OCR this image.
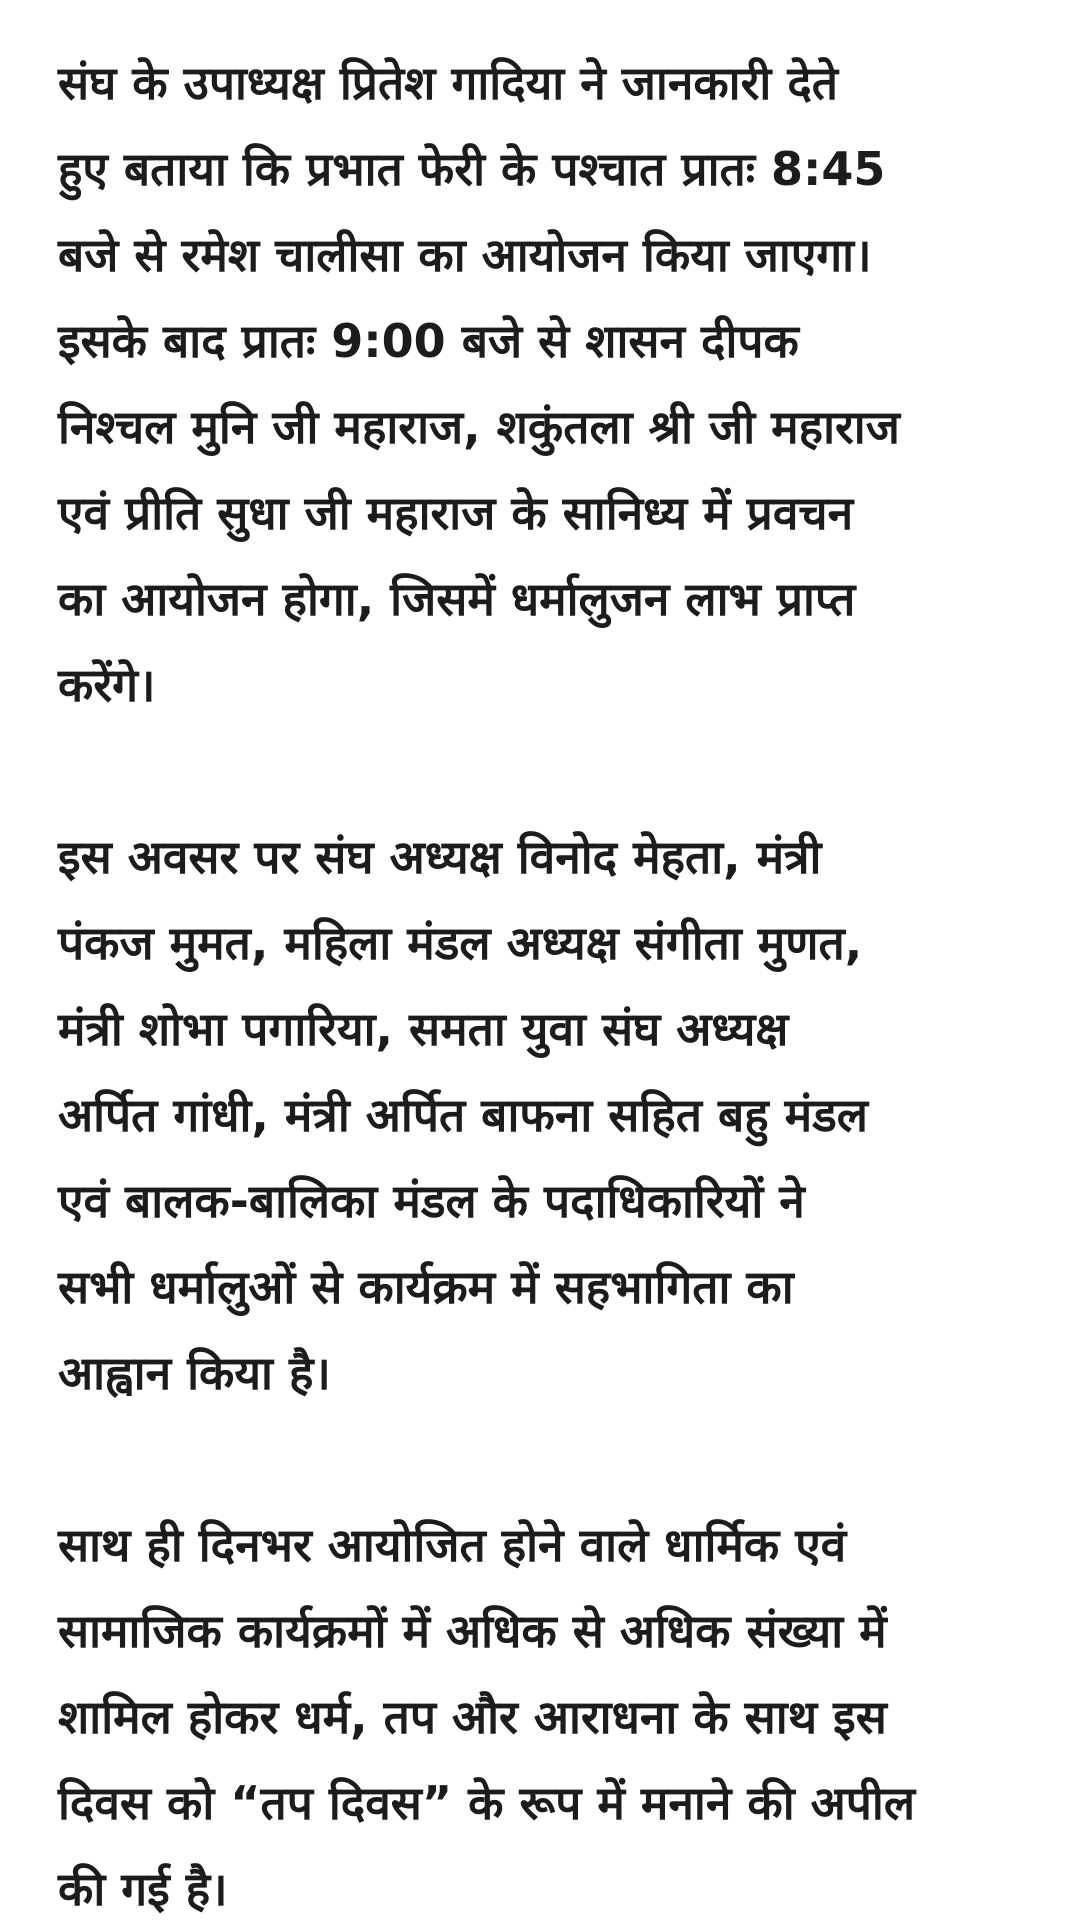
संघ के उपाध्यक्ष प्रितेश गादिया ने जानकारी देते
हुए बताया कि प्रभात फेरी के पश्चात प्रातः 8:45
बजे से रमेश चालीसा का आयोजन किया जाएगा।
इसके बाद प्रातः 9:00 बजे से शासन दीपक
निश्चल मुनि जी महाराज, शकुंतला श्री जी महाराज
एवं प्रीति सुधा जी महाराज के सानिध्य में प्रवचन
का आयोजन होगा, जिसमें धर्मालुजन लाभ प्राप्त
करेंगे।

इस अवसर पर संघ अध्यक्ष विनोद मेहता, मंत्री
पंकज मुमत, महिला मंडल अध्यक्ष संगीता मुणत,
मंत्री शोभा पगारिया, समता युवा संघ अध्यक्ष
अर्पित गांधी, मंत्री अर्पित बाफना सहित बहु मंडल
एवं बालक-बालिका मंडल के पदाधिकारियों ने
सभी धर्मालुओं से कार्यक्रम में सहभागिता का
आह्वान किया है।

साथ ही दिनभर आयोजित होने वाले धार्मिक एवं
सामाजिक कार्यक्रमों में अधिक से अधिक संख्या में
शामिल होकर धर्म, तप और आराधना के साथ इस
दिवस को “तप दिवस” के रूप में मनाने की अपील
की गई है।
